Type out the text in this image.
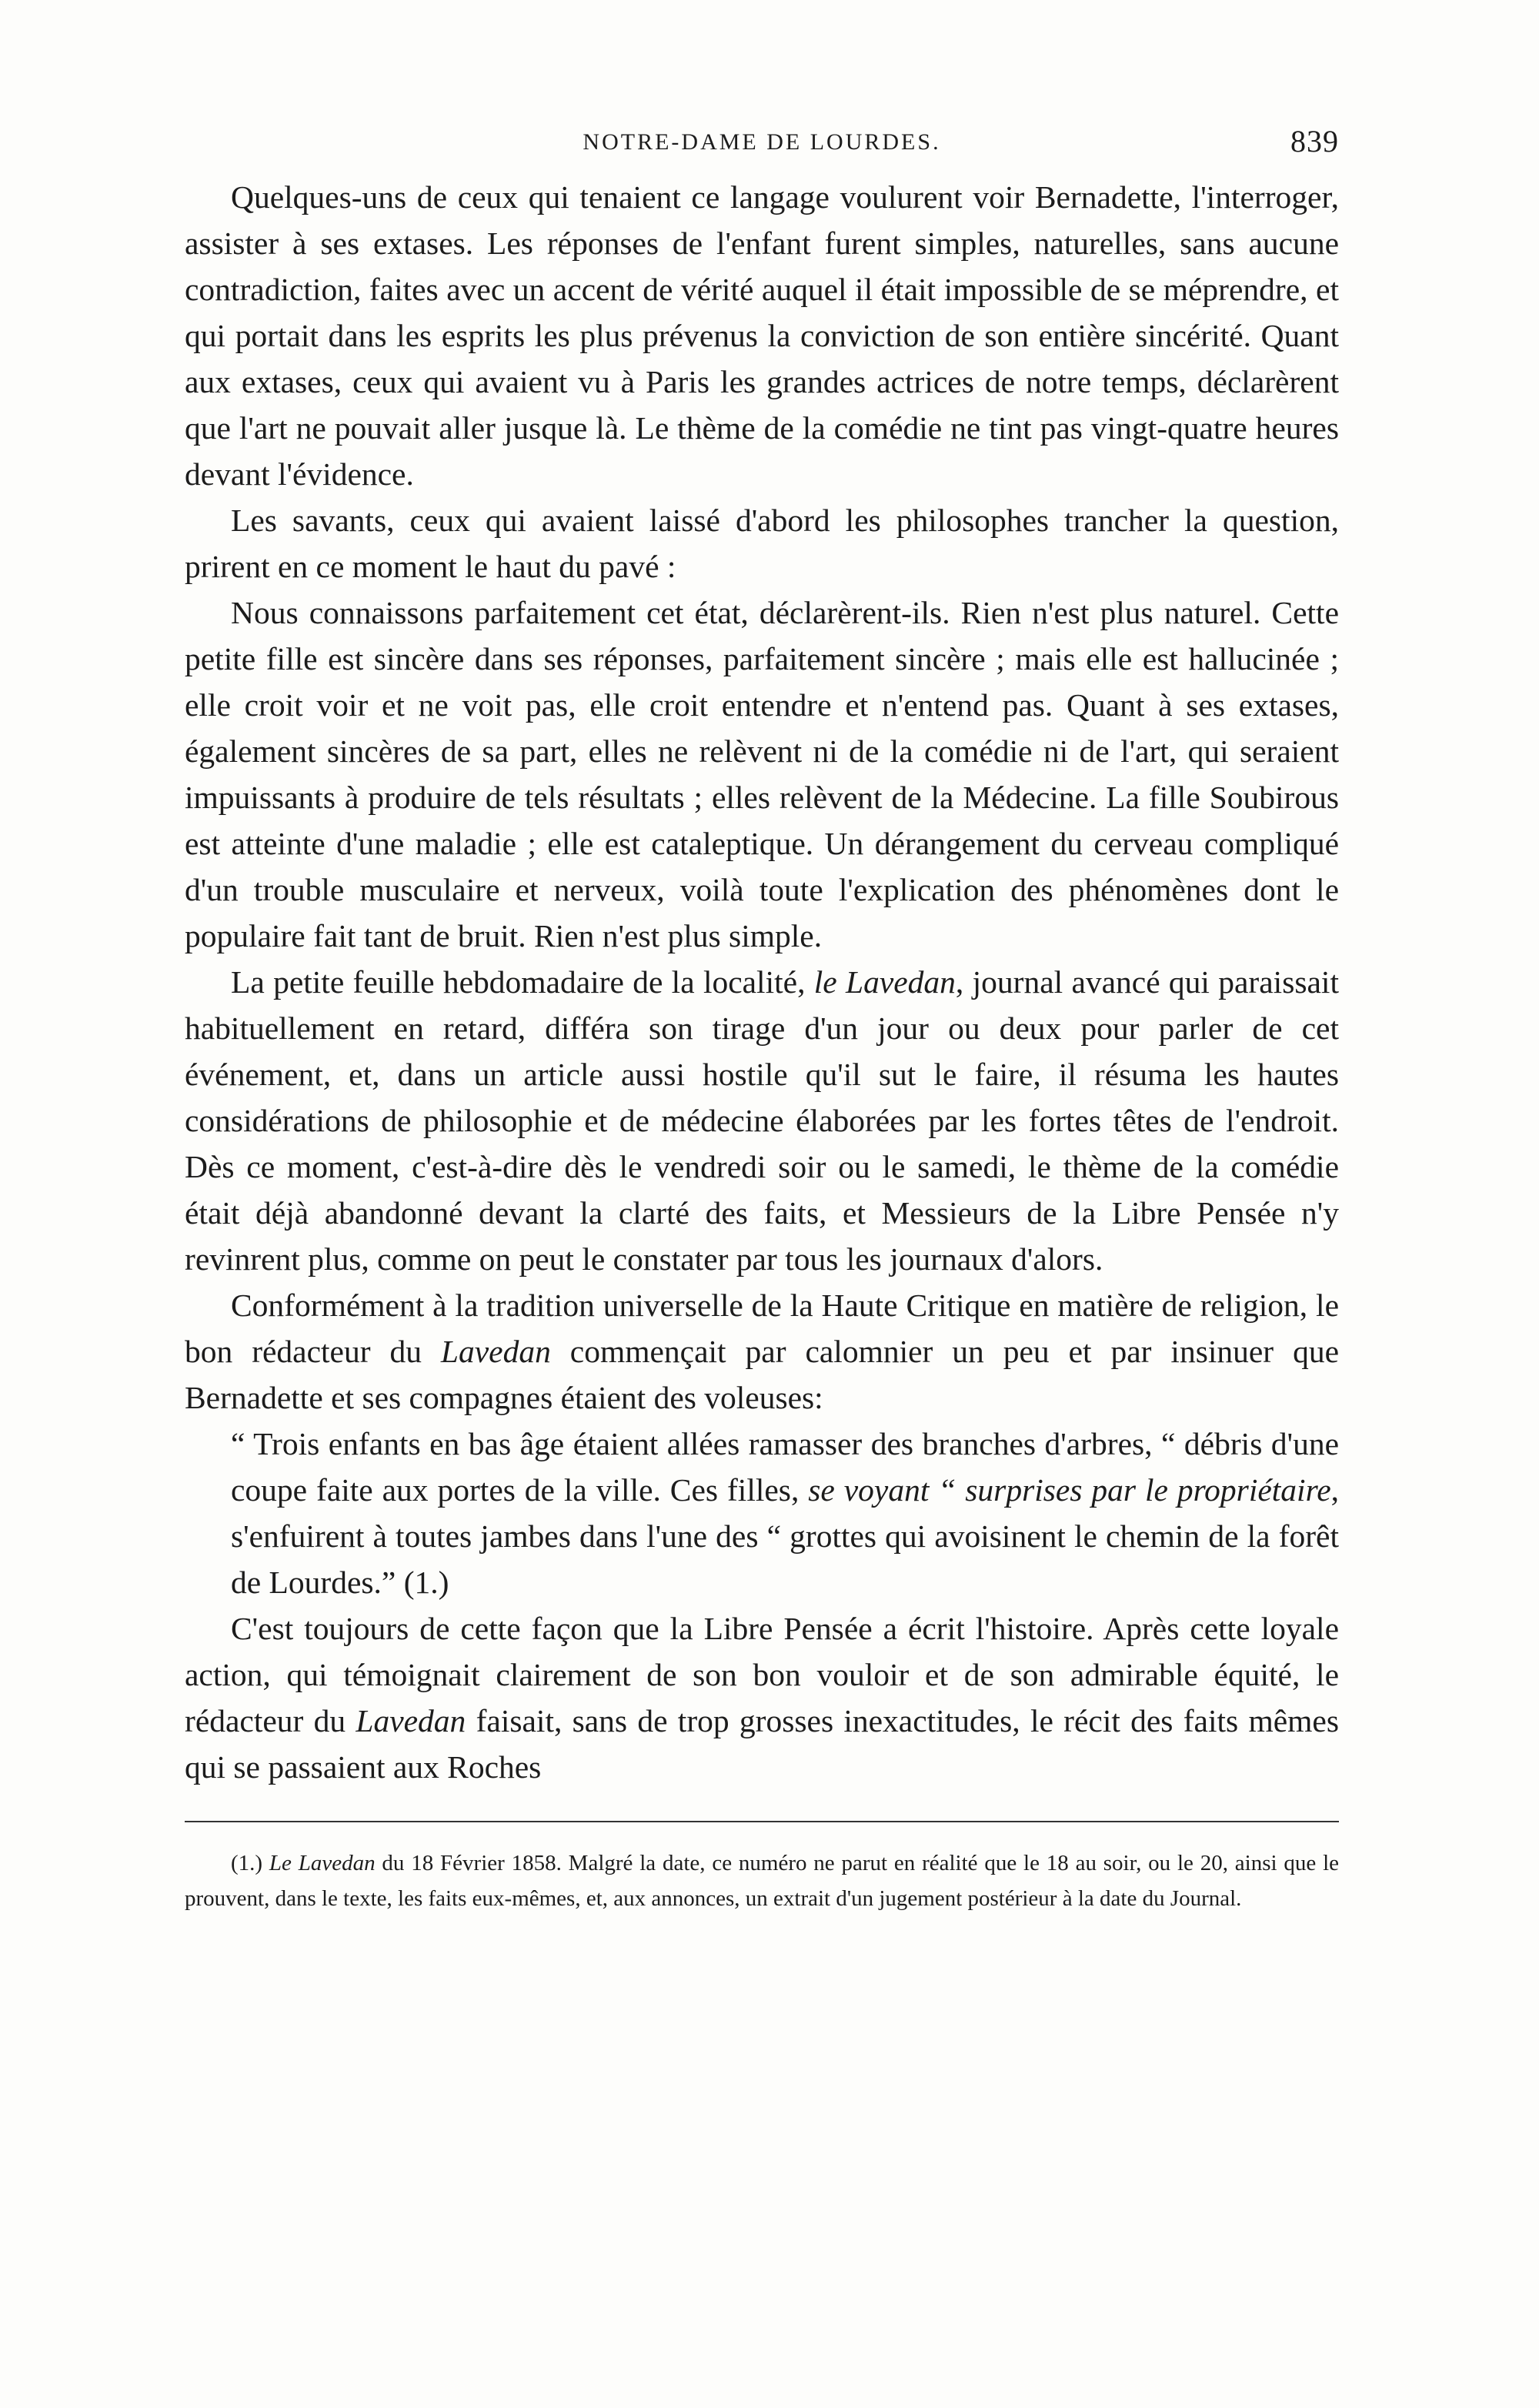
NOTRE-DAME DE LOURDES.	839

Quelques-uns de ceux qui tenaient ce langage voulurent voir Bernadette, l'interroger, assister à ses extases. Les réponses de l'enfant furent simples, naturelles, sans aucune contradiction, faites avec un accent de vérité auquel il était impossible de se méprendre, et qui portait dans les esprits les plus prévenus la conviction de son entière sincérité. Quant aux extases, ceux qui avaient vu à Paris les grandes actrices de notre temps, déclarèrent que l'art ne pouvait aller jusque là. Le thème de la comédie ne tint pas vingt-quatre heures devant l'évidence.

Les savants, ceux qui avaient laissé d'abord les philosophes trancher la question, prirent en ce moment le haut du pavé :

Nous connaissons parfaitement cet état, déclarèrent-ils. Rien n'est plus naturel. Cette petite fille est sincère dans ses réponses, parfaitement sincère ; mais elle est hallucinée ; elle croit voir et ne voit pas, elle croit entendre et n'entend pas. Quant à ses extases, également sincères de sa part, elles ne relèvent ni de la comédie ni de l'art, qui seraient impuissants à produire de tels résultats ; elles relèvent de la Médecine. La fille Soubirous est atteinte d'une maladie ; elle est cataleptique. Un dérangement du cerveau compliqué d'un trouble musculaire et nerveux, voilà toute l'explication des phénomènes dont le populaire fait tant de bruit. Rien n'est plus simple.

La petite feuille hebdomadaire de la localité, le Lavedan, journal avancé qui paraissait habituellement en retard, différa son tirage d'un jour ou deux pour parler de cet événement, et, dans un article aussi hostile qu'il sut le faire, il résuma les hautes considérations de philosophie et de médecine élaborées par les fortes têtes de l'endroit. Dès ce moment, c'est-à-dire dès le vendredi soir ou le samedi, le thème de la comédie était déjà abandonné devant la clarté des faits, et Messieurs de la Libre Pensée n'y revinrent plus, comme on peut le constater par tous les journaux d'alors.

Conformément à la tradition universelle de la Haute Critique en matière de religion, le bon rédacteur du Lavedan commençait par calomnier un peu et par insinuer que Bernadette et ses compagnes étaient des voleuses:

“ Trois enfants en bas âge étaient allées ramasser des branches d'arbres, “ débris d'une coupe faite aux portes de la ville. Ces filles, se voyant “ surprises par le propriétaire, s'enfuirent à toutes jambes dans l'une des “ grottes qui avoisinent le chemin de la forêt de Lourdes.” (1.)

C'est toujours de cette façon que la Libre Pensée a écrit l'histoire. Après cette loyale action, qui témoignait clairement de son bon vouloir et de son admirable équité, le rédacteur du Lavedan faisait, sans de trop grosses inexactitudes, le récit des faits mêmes qui se passaient aux Roches

(1.) Le Lavedan du 18 Février 1858. Malgré la date, ce numéro ne parut en réalité que le 18 au soir, ou le 20, ainsi que le prouvent, dans le texte, les faits eux-mêmes, et, aux annonces, un extrait d'un jugement postérieur à la date du Journal.
